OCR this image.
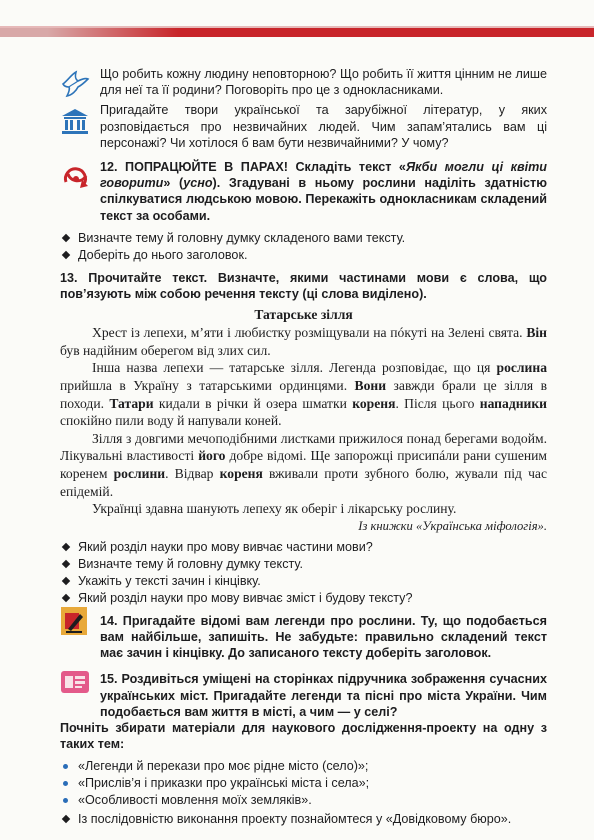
Що робить кожну людину неповторною? Що робить її життя цінним не лише для неї та її родини? Поговоріть про це з однокласниками.
Пригадайте твори української та зарубіжної літератур, у яких розповідається про незвичайних людей. Чим запам’ятались вам ці персонажі? Чи хотілося б вам бути незвичайними? У чому?
12. ПОПРАЦЮЙТЕ В ПАРАХ! Складіть текст «Якби могли ці квіти говорити» (усно). Згадувані в ньому рослини наділіть здатністю спілкуватися людською мовою. Перекажіть однокласникам складений текст за особами.
Визначте тему й головну думку складеного вами тексту.
Доберіть до нього заголовок.
13. Прочитайте текст. Визначте, якими частинами мови є слова, що пов’язують між собою речення тексту (ці слова виділено).
Татарське зілля

Хрест із лепехи, м’яти і любистку розміщували на пóкуті на Зелені свята. Він був надійним оберегом від злих сил.

Інша назва лепехи — татарське зілля. Легенда розповідає, що ця рослина прийшла в Україну з татарськими ординцями. Вони завжди брали це зілля в походи. Татари кидали в річки й озера шматки кореня. Після цього нападники спокійно пили воду й напували коней.

Зілля з довгими мечоподібними листками прижилося понад берегами водойм. Лікувальні властивості його добре відомі. Ще запорожці присипáли рани сушеним коренем рослини. Відвар кореня вживали проти зубного болю, жували під час епідемій.

Українці здавна шанують лепеху як оберіг і лікарську рослину.

Із книжки «Українська міфологія».
Який розділ науки про мову вивчає частини мови?
Визначте тему й головну думку тексту.
Укажіть у тексті зачин і кінцівку.
Який розділ науки про мову вивчає зміст і будову тексту?
14. Пригадайте відомі вам легенди про рослини. Ту, що подобається вам найбільше, запишіть. Не забудьте: правильно складений текст має зачин і кінцівку. До записаного тексту доберіть заголовок.
15. Роздивіться уміщені на сторінках підручника зображення сучасних українських міст. Пригадайте легенди та пісні про міста України. Чим подобається вам життя в місті, а чим — у селі?
Почніть збирати матеріали для наукового дослідження-проекту на одну з таких тем:
«Легенди й перекази про моє рідне місто (село)»;
«Прислів’я і приказки про українські міста і села»;
«Особливості мовлення моїх земляків».
Із послідовністю виконання проекту познайомтеся у «Довідковому бюро».
